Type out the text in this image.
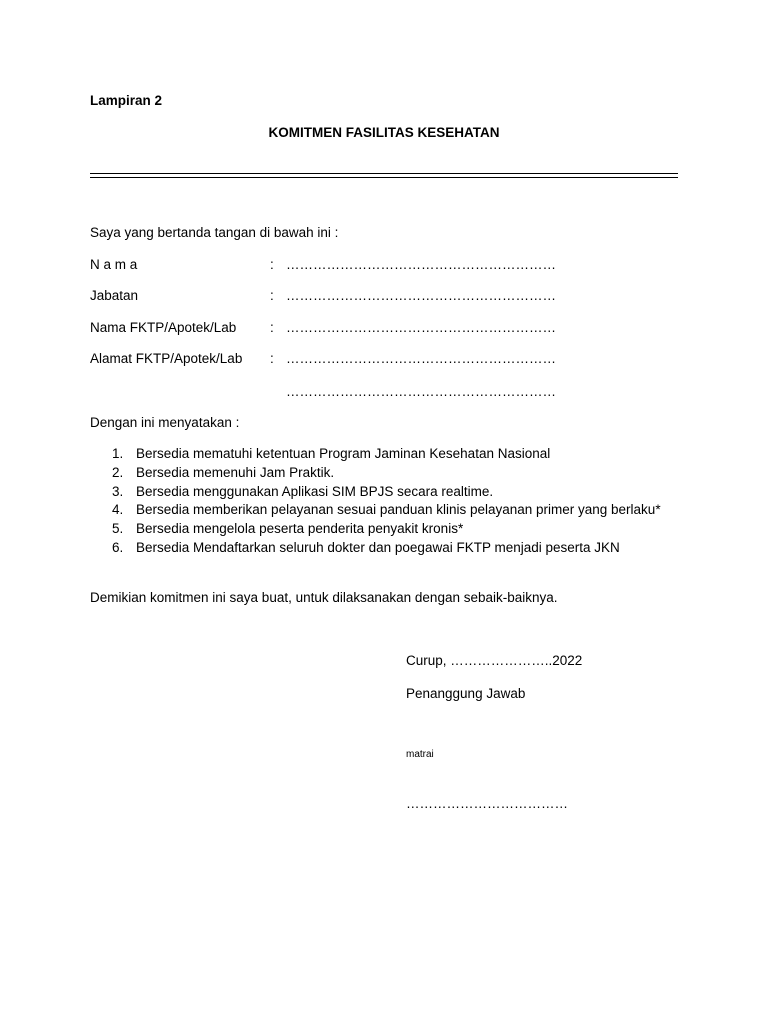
Lampiran 2
KOMITMEN FASILITAS KESEHATAN
Saya yang bertanda tangan di bawah ini :
N a m a	: ……………………………………………………
Jabatan	: ……………………………………………………
Nama FKTP/Apotek/Lab : ……………………………………………………
Alamat FKTP/Apotek/Lab : ……………………………………………………
……………………………………………………
Dengan ini menyatakan :
1. Bersedia mematuhi ketentuan Program Jaminan Kesehatan Nasional
2. Bersedia memenuhi Jam Praktik.
3. Bersedia menggunakan Aplikasi SIM BPJS secara realtime.
4. Bersedia memberikan pelayanan sesuai panduan klinis pelayanan primer yang berlaku*
5. Bersedia mengelola peserta penderita penyakit kronis*
6. Bersedia Mendaftarkan seluruh dokter dan poegawai FKTP menjadi peserta JKN
Demikian komitmen ini saya buat, untuk dilaksanakan dengan sebaik-baiknya.
Curup, …………………..2022
Penanggung Jawab
matrai
………………………………
